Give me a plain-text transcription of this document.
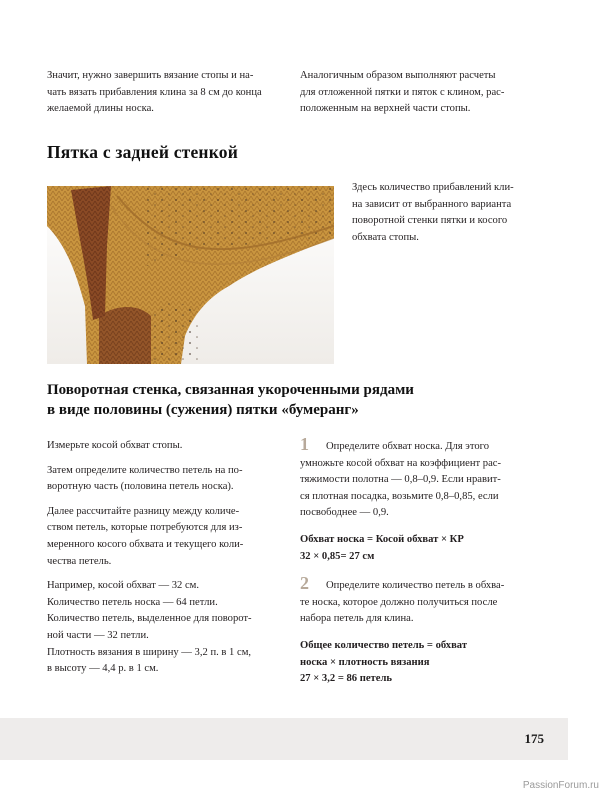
Значит, нужно завершить вязание стопы и на-
чать вязать прибавления клина за 8 см до конца
желаемой длины носка.
Аналогичным образом выполняют расчеты
для отложенной пятки и пяток с клином, рас-
положенным на верхней части стопы.
Пятка с задней стенкой
Здесь количество прибавлений кли-
на зависит от выбранного варианта
поворотной стенки пятки и косого
обхвата стопы.
Поворотная стенка, связанная укороченными рядами
в виде половины (сужения) пятки «бумеранг»

Измерьте косой обхват стопы.

Затем определите количество петель на по-
воротную часть (половина петель носка).

Далее рассчитайте разницу между количе-
ством петель, которые потребуются для из-
меренного косого обхвата и текущего коли-
чества петель.

Например, косой обхват — 32 см.
Количество петель носка — 64 петли.
Количество петель, выделенное для поворот-
ной части — 32 петли.
Плотность вязания в ширину — 3,2 п. в 1 см,
в высоту — 4,4 р. в 1 см.

1 Определите обхват носка. Для этого
умножьте косой обхват на коэффициент рас-
тяжимости полотна — 0,8–0,9. Если нравит-
ся плотная посадка, возьмите 0,8–0,85, если
посвободнее — 0,9.

Обхват носка = Косой обхват × КР
32 × 0,85= 27 см

2 Определите количество петель в обхва-
те носка, которое должно получиться после
набора петель для клина.

Общее количество петель = обхват
носка × плотность вязания
27 × 3,2 = 86 петель

175
PassionForum.ru
